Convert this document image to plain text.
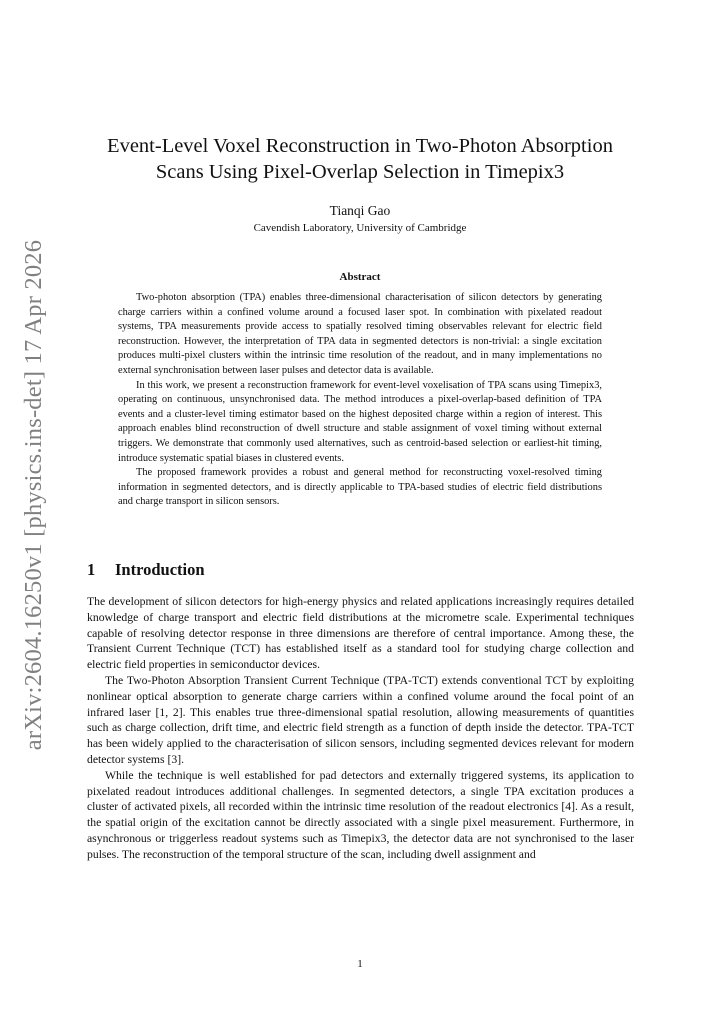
arXiv:2604.16250v1 [physics.ins-det] 17 Apr 2026
Event-Level Voxel Reconstruction in Two-Photon Absorption
Scans Using Pixel-Overlap Selection in Timepix3
Tianqi Gao
Cavendish Laboratory, University of Cambridge
Abstract

Two-photon absorption (TPA) enables three-dimensional characterisation of silicon detectors by generating charge carriers within a confined volume around a focused laser spot. In combination with pixelated readout systems, TPA measurements provide access to spatially resolved timing observables relevant for electric field reconstruction. However, the interpretation of TPA data in segmented detectors is non-trivial: a single excitation produces multi-pixel clusters within the intrinsic time resolution of the readout, and in many implementations no external synchronisation between laser pulses and detector data is available.

In this work, we present a reconstruction framework for event-level voxelisation of TPA scans using Timepix3, operating on continuous, unsynchronised data. The method introduces a pixel-overlap-based definition of TPA events and a cluster-level timing estimator based on the highest deposited charge within a region of interest. This approach enables blind reconstruction of dwell structure and stable assignment of voxel timing without external triggers. We demonstrate that commonly used alternatives, such as centroid-based selection or earliest-hit timing, introduce systematic spatial biases in clustered events.

The proposed framework provides a robust and general method for reconstructing voxel-resolved timing information in segmented detectors, and is directly applicable to TPA-based studies of electric field distributions and charge transport in silicon sensors.

1 Introduction

The development of silicon detectors for high-energy physics and related applications increasingly requires detailed knowledge of charge transport and electric field distributions at the micrometre scale. Experimental techniques capable of resolving detector response in three dimensions are therefore of central importance. Among these, the Transient Current Technique (TCT) has established itself as a standard tool for studying charge collection and electric field properties in semiconductor devices.

The Two-Photon Absorption Transient Current Technique (TPA-TCT) extends conventional TCT by exploiting nonlinear optical absorption to generate charge carriers within a confined volume around the focal point of an infrared laser [1, 2]. This enables true three-dimensional spatial resolution, allowing measurements of quantities such as charge collection, drift time, and electric field strength as a function of depth inside the detector. TPA-TCT has been widely applied to the characterisation of silicon sensors, including segmented devices relevant for modern detector systems [3].

While the technique is well established for pad detectors and externally triggered systems, its application to pixelated readout introduces additional challenges. In segmented detectors, a single TPA excitation produces a cluster of activated pixels, all recorded within the intrinsic time resolution of the readout electronics [4]. As a result, the spatial origin of the excitation cannot be directly associated with a single pixel measurement. Furthermore, in asynchronous or triggerless readout systems such as Timepix3, the detector data are not synchronised to the laser pulses. The reconstruction of the temporal structure of the scan, including dwell assignment and

1
